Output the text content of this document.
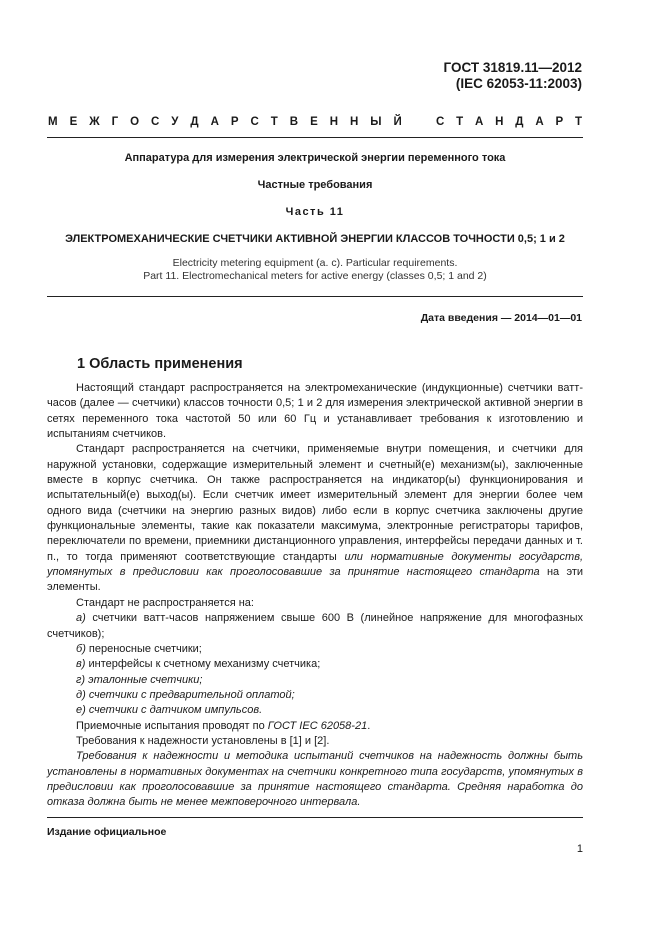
ГОСТ 31819.11—2012
(IEC 62053-11:2003)
М Е Ж Г О С У Д А Р С Т В Е Н Н Ы Й	С Т А Н Д А Р Т
Аппаратура для измерения электрической энергии переменного тока
Частные требования
Часть 11
ЭЛЕКТРОМЕХАНИЧЕСКИЕ СЧЕТЧИКИ АКТИВНОЙ ЭНЕРГИИ КЛАССОВ ТОЧНОСТИ 0,5; 1 и 2
Electricity metering equipment (a. c). Particular requirements.
Part 11. Electromechanical meters for active energy (classes 0,5; 1 and 2)
Дата введения — 2014—01—01
1 Область применения

Настоящий стандарт распространяется на электромеханические (индукционные) счетчики ватт-часов (далее — счетчики) классов точности 0,5; 1 и 2 для измерения электрической активной энергии в сетях переменного тока частотой 50 или 60 Гц и устанавливает требования к изготовлению и испытаниям счетчиков.

Стандарт распространяется на счетчики, применяемые внутри помещения, и счетчики для наружной установки, содержащие измерительный элемент и счетный(е) механизм(ы), заключенные вместе в корпус счетчика. Он также распространяется на индикатор(ы) функционирования и испытательный(е) выход(ы). Если счетчик имеет измерительный элемент для энергии более чем одного вида (счетчики на энергию разных видов) либо если в корпус счетчика заключены другие функциональные элементы, такие как показатели максимума, электронные регистраторы тарифов, переключатели по времени, приемники дистанционного управления, интерфейсы передачи данных и т. п., то тогда применяют соответствующие стандарты или нормативные документы государств, упомянутых в предисловии как проголосовавшие за принятие настоящего стандарта на эти элементы.

Стандарт не распространяется на:

а) счетчики ватт-часов напряжением свыше 600 В (линейное напряжение для многофазных счетчиков);

б) переносные счетчики;

в) интерфейсы к счетному механизму счетчика;

г) эталонные счетчики;

д) счетчики с предварительной оплатой;

е) счетчики с датчиком импульсов.

Приемочные испытания проводят по ГОСТ IEC 62058-21.

Требования к надежности установлены в [1] и [2].

Требования к надежности и методика испытаний счетчиков на надежность должны быть установлены в нормативных документах на счетчики конкретного типа государств, упомянутых в предисловии как проголосовавшие за принятие настоящего стандарта. Средняя наработка до отказа должна быть не менее межповерочного интервала.

Издание официальное
1
